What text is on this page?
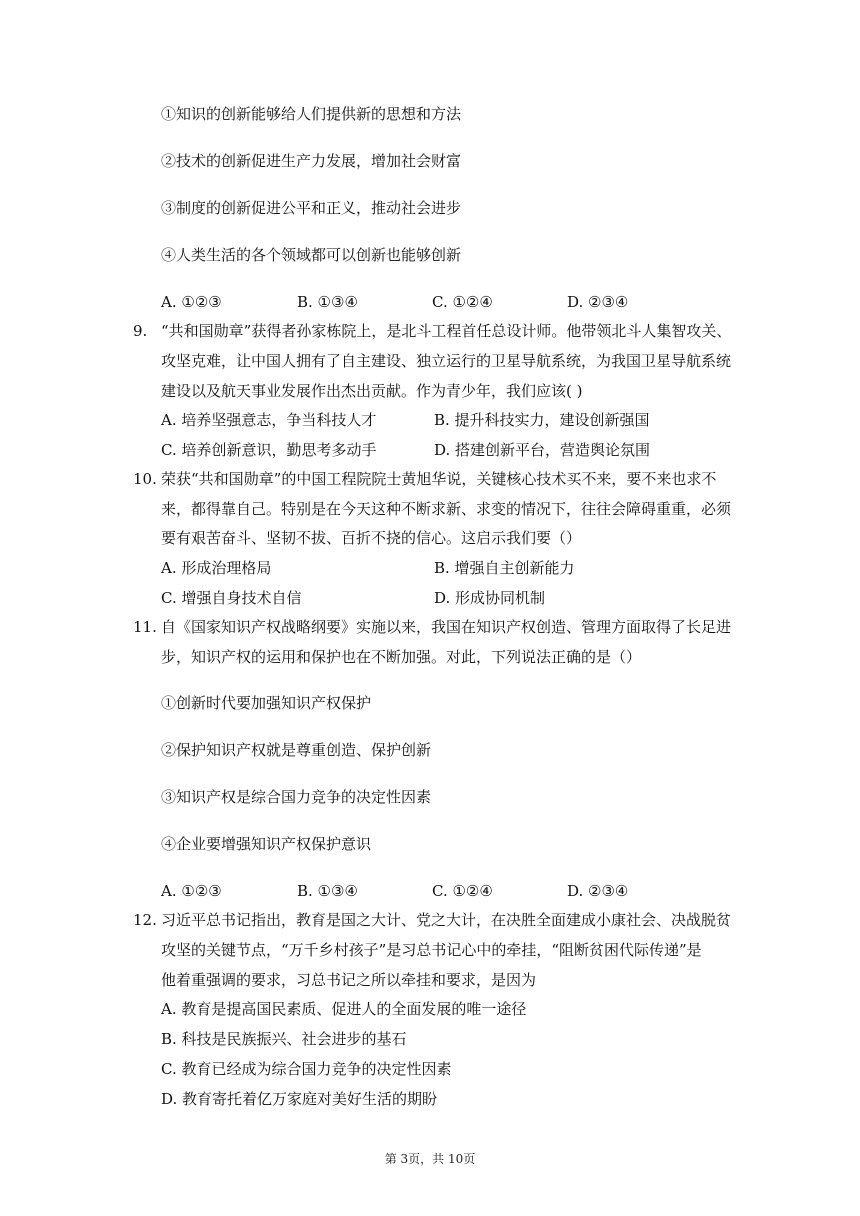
①知识的创新能够给人们提供新的思想和方法
②技术的创新促进生产力发展，增加社会财富
③制度的创新促进公平和正义，推动社会进步
④人类生活的各个领域都可以创新也能够创新
A. ①②③	B. ①③④	C. ①②④	D. ②③④
9. “共和国勋章”获得者孙家栋院上，是北斗工程首任总设计师。他带领北斗人集智攻关、
攻坚克难，让中国人拥有了自主建设、独立运行的卫星导航系统，为我国卫星导航系统
建设以及航天事业发展作出杰出贡献。作为青少年，我们应该( )
A. 培养坚强意志，争当科技人才	B. 提升科技实力，建设创新强国
C. 培养创新意识，勤思考多动手	D. 搭建创新平台，营造舆论氛围
10. 荣获“共和国勋章”的中国工程院院士黄旭华说，关键核心技术买不来，要不来也求不
来，都得靠自己。特别是在今天这种不断求新、求变的情况下，往往会障碍重重，必须
要有艰苦奋斗、坚韧不拔、百折不挠的信心。这启示我们要（）
A. 形成治理格局	B. 增强自主创新能力
C. 增强自身技术自信	D. 形成协同机制
11. 自《国家知识产权战略纲要》实施以来，我国在知识产权创造、管理方面取得了长足进
步，知识产权的运用和保护也在不断加强。对此，下列说法正确的是（）
①创新时代要加强知识产权保护
②保护知识产权就是尊重创造、保护创新
③知识产权是综合国力竞争的决定性因素
④企业要增强知识产权保护意识
A. ①②③	B. ①③④	C. ①②④	D. ②③④
12. 习近平总书记指出，教育是国之大计、党之大计，在决胜全面建成小康社会、决战脱贫
攻坚的关键节点，“万千乡村孩子”是习总书记心中的牵挂，“阻断贫困代际传递”是
他着重强调的要求，习总书记之所以牵挂和要求，是因为
A. 教育是提高国民素质、促进人的全面发展的唯一途径
B. 科技是民族振兴、社会进步的基石
C. 教育已经成为综合国力竞争的决定性因素
D. 教育寄托着亿万家庭对美好生活的期盼
第 3页，共 10页
